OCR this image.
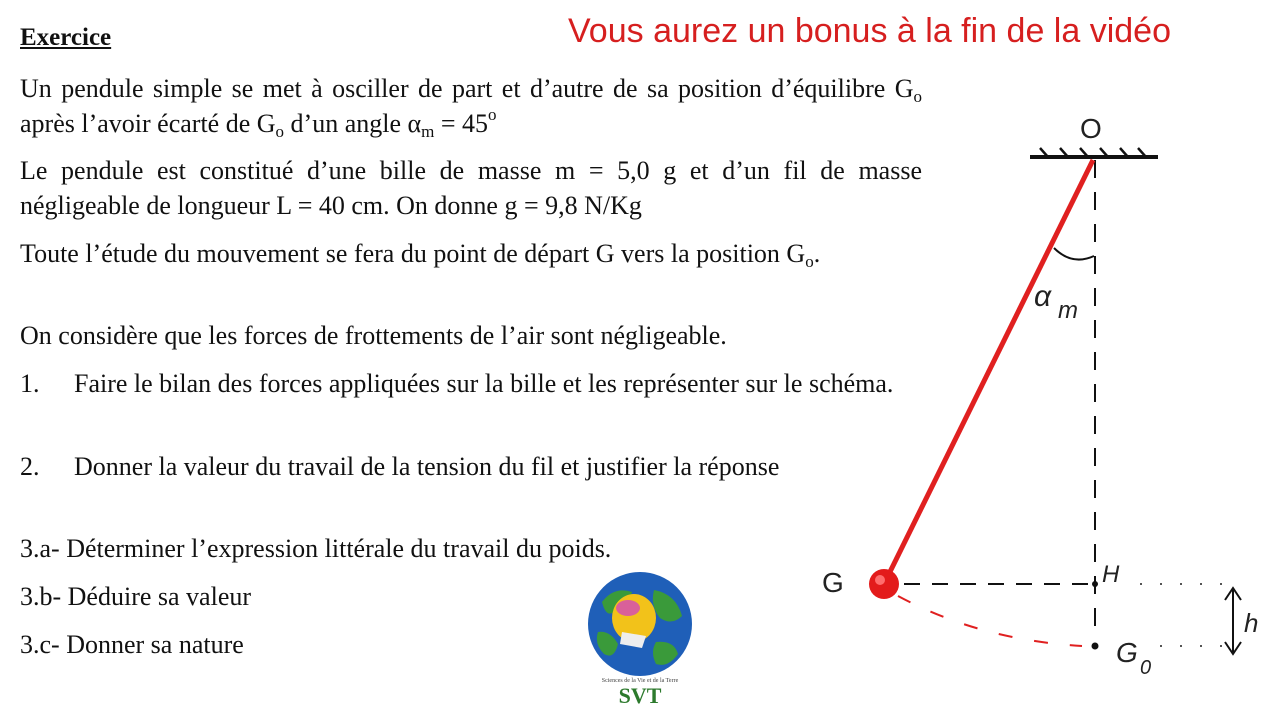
Exercice	Vous aurez un bonus à la fin de la vidéo
Un pendule simple se met à osciller de part et d’autre de sa position d’équilibre $G_o$ après l’avoir écarté de $G_o$ d’un angle $\alpha_m = 45^o$
Le pendule est constitué d’une bille de masse m = 5,0 g et d’un fil de masse négligeable de longueur L = 40 cm. On donne g = 9,8 N/Kg
Toute l’étude du mouvement se fera du point de départ G vers la position $G_o$.
On considère que les forces de frottements de l’air sont négligeable.
1. Faire le bilan des forces appliquées sur la bille et les représenter sur le schéma.
2. Donner la valeur du travail de la tension du fil et justifier la réponse
3.a- Déterminer l’expression littérale du travail du poids.
3.b- Déduire sa valeur
3.c- Donner sa nature
Sciences de la Vie et de la Terre
SVT
O
α m
G	H
G 0
h
